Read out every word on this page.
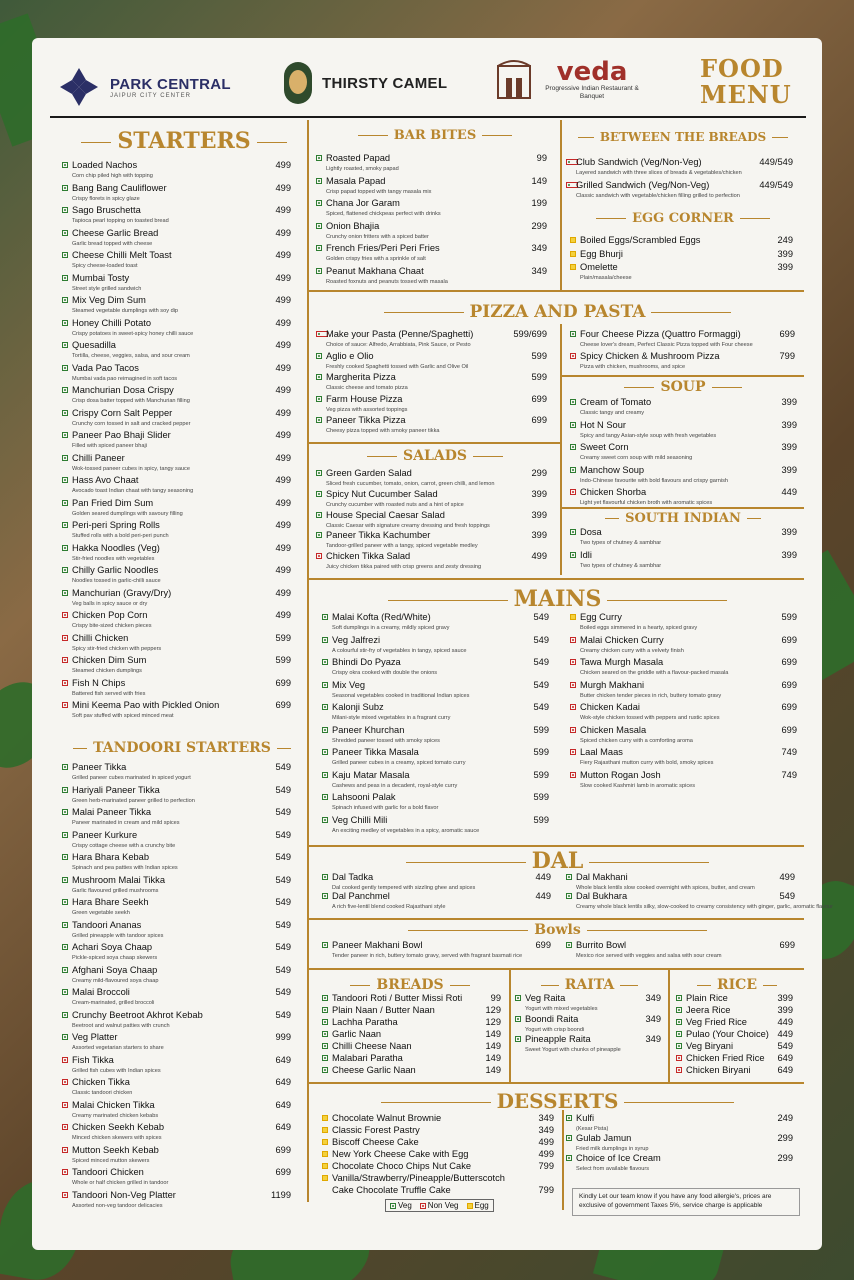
PARK CENTRAL
JAIPUR CITY CENTER
THIRSTY CAMEL	veda
Progressive Indian Restaurant & Banquet
FOOD
MENU
STARTERS
TANDOORI STARTERS
BAR BITES	BETWEEN THE BREADS
EGG CORNER
PIZZA AND PASTA
SOUP
SALADS
SOUTH INDIAN
MAINS
DAL
Bowls
BREADS	RAITA	RICE
DESSERTS
Loaded Nachos	499
Corn chip piled high with topping
Bang Bang Cauliflower	499
Crispy florets in spicy glaze
Sago Bruschetta	499
Tapioca pearl topping on toasted bread
Cheese Garlic Bread	499
Garlic bread topped with cheese
Cheese Chilli Melt Toast	499
Spicy cheese-loaded toast
Mumbai Tosty	499
Street style grilled sandwich
Mix Veg Dim Sum	499
Steamed vegetable dumplings with soy dip
Honey Chilli Potato	499
Crispy potatoes in sweet-spicy honey chilli sauce
Quesadilla	499
Tortilla, cheese, veggies, salsa, and sour cream
Vada Pao Tacos	499
Mumbai vada pao reimagined in soft tacos
Manchurian Dosa Crispy	499
Crisp dosa batter topped with Manchurian filling
Crispy Corn Salt Pepper	499
Crunchy corn tossed in salt and cracked pepper
Paneer Pao Bhaji Slider	499
Filled with spiced paneer bhaji
Chilli Paneer	499
Wok-tossed paneer cubes in spicy, tangy sauce
Hass Avo Chaat	499
Avocado toast Indian chaat with tangy seasoning
Pan Fried Dim Sum	499
Golden seared dumplings with savoury filling
Peri-peri Spring Rolls	499
Stuffed rolls with a bold peri-peri punch
Hakka Noodles (Veg)	499
Stir-fried noodles with vegetables
Chilly Garlic Noodles	499
Noodles tossed in garlic-chilli sauce
Manchurian (Gravy/Dry)	499
Veg balls in spicy sauce or dry
Chicken Pop Corn	499
Crispy bite-sized chicken pieces
Chilli Chicken	599
Spicy stir-fried chicken with peppers
Chicken Dim Sum	599
Steamed chicken dumplings
Fish N Chips	699
Battered fish served with fries
Mini Keema Pao with Pickled Onion	699
Soft pav stuffed with spiced minced meat
Paneer Tikka	549
Grilled paneer cubes marinated in spiced yogurt
Hariyali Paneer Tikka	549
Green herb-marinated paneer grilled to perfection
Malai Paneer Tikka	549
Paneer marinated in cream and mild spices
Paneer Kurkure	549
Crispy cottage cheese with a crunchy bite
Hara Bhara Kebab	549
Spinach and pea patties with Indian spices
Mushroom Malai Tikka	549
Garlic flavoured grilled mushrooms
Hara Bhare Seekh	549
Green vegetable seekh
Tandoori Ananas	549
Grilled pineapple with tandoor spices
Achari Soya Chaap	549
Pickle-spiced soya chaap skewers
Afghani Soya Chaap	549
Creamy mild-flavoured soya chaap
Malai Broccoli	549
Cream-marinated, grilled broccoli
Crunchy Beetroot Akhrot Kebab	549
Beetroot and walnut patties with crunch
Veg Platter	999
Assorted vegetarian starters to share
Fish Tikka	649
Grilled fish cubes with Indian spices
Chicken Tikka	649
Classic tandoori chicken
Malai Chicken Tikka	649
Creamy marinated chicken kebabs
Chicken Seekh Kebab	649
Minced chicken skewers with spices
Mutton Seekh Kebab	699
Spiced minced mutton skewers
Tandoori Chicken	699
Whole or half chicken grilled in tandoor
Tandoori Non-Veg Platter	1199
Assorted non-veg tandoor delicacies
Roasted Papad	99
Lightly roasted, smoky papad
Masala Papad	149
Crisp papad topped with tangy masala mix
Chana Jor Garam	199
Spiced, flattened chickpeas perfect with drinks
Onion Bhajia	299
Crunchy onion fritters with a spiced batter
French Fries/Peri Peri Fries	349
Golden crispy fries with a sprinkle of salt
Peanut Makhana Chaat	349
Roasted foxnuts and peanuts tossed with masala
Club Sandwich (Veg/Non-Veg)	449/549
Layered sandwich with three slices of breads & vegetables/chicken
Grilled Sandwich (Veg/Non-Veg)	449/549
Classic sandwich with vegetable/chicken filling grilled to perfection
Boiled Eggs/Scrambled Eggs	249
Egg Bhurji	399
Omelette	399
Plain/masala/cheese
Make your Pasta (Penne/Spaghetti)	599/699
Choice of sauce: Alfredo, Arrabbiata, Pink Sauce, or Pesto
Aglio e Olio	599
Freshly cooked Spaghetti tossed with Garlic and Olive Oil
Margherita Pizza	599
Classic cheese and tomato pizza
Farm House Pizza	699
Veg pizza with assorted toppings
Paneer Tikka Pizza	699
Cheesy pizza topped with smoky paneer tikka
Four Cheese Pizza (Quattro Formaggi)	699
Cheese lover's dream, Perfect Classic Pizza topped with Four cheese
Spicy Chicken & Mushroom Pizza	799
Pizza with chicken, mushrooms, and spice
Cream of Tomato	399
Classic tangy and creamy
Hot N Sour	399
Spicy and tangy Asian-style soup with fresh vegetables
Sweet Corn	399
Creamy sweet corn soup with mild seasoning
Manchow Soup	399
Indo-Chinese favourite with bold flavours and crispy garnish
Chicken Shorba	449
Light yet flavourful chicken broth with aromatic spices
Green Garden Salad	299
Sliced fresh cucumber, tomato, onion, carrot, green chilli, and lemon
Spicy Nut Cucumber Salad	399
Crunchy cucumber with roasted nuts and a hint of spice
House Special Caesar Salad	399
Classic Caesar with signature creamy dressing and fresh toppings
Paneer Tikka Kachumber	399
Tandoor-grilled paneer with a tangy, spiced vegetable medley
Chicken Tikka Salad	499
Juicy chicken tikka paired with crisp greens and zesty dressing
Dosa	399
Two types of chutney & sambhar
Idli	399
Two types of chutney & sambhar
Malai Kofta (Red/White)	549
Soft dumplings in a creamy, mildly spiced gravy
Veg Jalfrezi	549
A colourful stir-fry of vegetables in tangy, spiced sauce
Bhindi Do Pyaza	549
Crispy okra cooked with double the onions
Mix Veg	549
Seasonal vegetables cooked in traditional Indian spices
Kalonji Subz	549
Milani-style mixed vegetables in a fragrant curry
Paneer Khurchan	599
Shredded paneer tossed with smoky spices
Paneer Tikka Masala	599
Grilled paneer cubes in a creamy, spiced tomato curry
Kaju Matar Masala	599
Cashews and peas in a decadent, royal-style curry
Lahsooni Palak	599
Spinach infused with garlic for a bold flavor
Veg Chilli Mili	599
An exciting medley of vegetables in a spicy, aromatic sauce
Egg Curry	599
Boiled eggs simmered in a hearty, spiced gravy
Malai Chicken Curry	699
Creamy chicken curry with a velvety finish
Tawa Murgh Masala	699
Chicken seared on the griddle with a flavour-packed masala
Murgh Makhani	699
Butter chicken tender pieces in rich, buttery tomato gravy
Chicken Kadai	699
Wok-style chicken tossed with peppers and rustic spices
Chicken Masala	699
Spiced chicken curry with a comforting aroma
Laal Maas	749
Fiery Rajasthani mutton curry with bold, smoky spices
Mutton Rogan Josh	749
Slow cooked Kashmiri lamb in aromatic spices
Dal Tadka	449
Dal cooked gently tempered with sizzling ghee and spices
Dal Panchmel	449
A rich five-lentil blend cooked Rajasthani style
Dal Makhani	499
Whole black lentils slow cooked overnight with spices, butter, and cream
Dal Bukhara	549
Creamy whole black lentils silky, slow-cooked to creamy consistency with ginger, garlic, aromatic flavour
Paneer Makhani Bowl	699
Tender paneer in rich, buttery tomato gravy, served with fragrant basmati rice
Burrito Bowl	699
Mexico rice served with veggies and salsa with sour cream
Tandoori Roti / Butter Missi Roti	99
Plain Naan / Butter Naan	129
Lachha Paratha	129
Garlic Naan	149
Chilli Cheese Naan	149
Malabari Paratha	149
Cheese Garlic Naan	149
Veg Raita	349
Yogurt with mixed vegetables
Boondi Raita	349
Yogurt with crisp boondi
Pineapple Raita	349
Sweet Yogurt with chunks of pineapple
Plain Rice	399
Jeera Rice	399
Veg Fried Rice	449
Pulao (Your Choice) 449
Veg Biryani	549
Chicken Fried Rice 649
Chicken Biryani	649
Chocolate Walnut Brownie	349
Classic Forest Pastry	349
Biscoff Cheese Cake	499
New York Cheese Cake with Egg	499
Chocolate Choco Chips Nut Cake	799
Vanilla/Strawberry/Pineapple/Butterscotch
Cake Chocolate Truffle Cake	799
Kulfi	249
(Kesar Pista)
Gulab Jamun	299
Fried milk dumplings in syrup
Choice of Ice Cream	299
Select from available flavours
Veg Non Veg Egg
Kindly Let our team know if you have any food allergie's, prices are exclusive of government Taxes 5%, service charge is applicable
